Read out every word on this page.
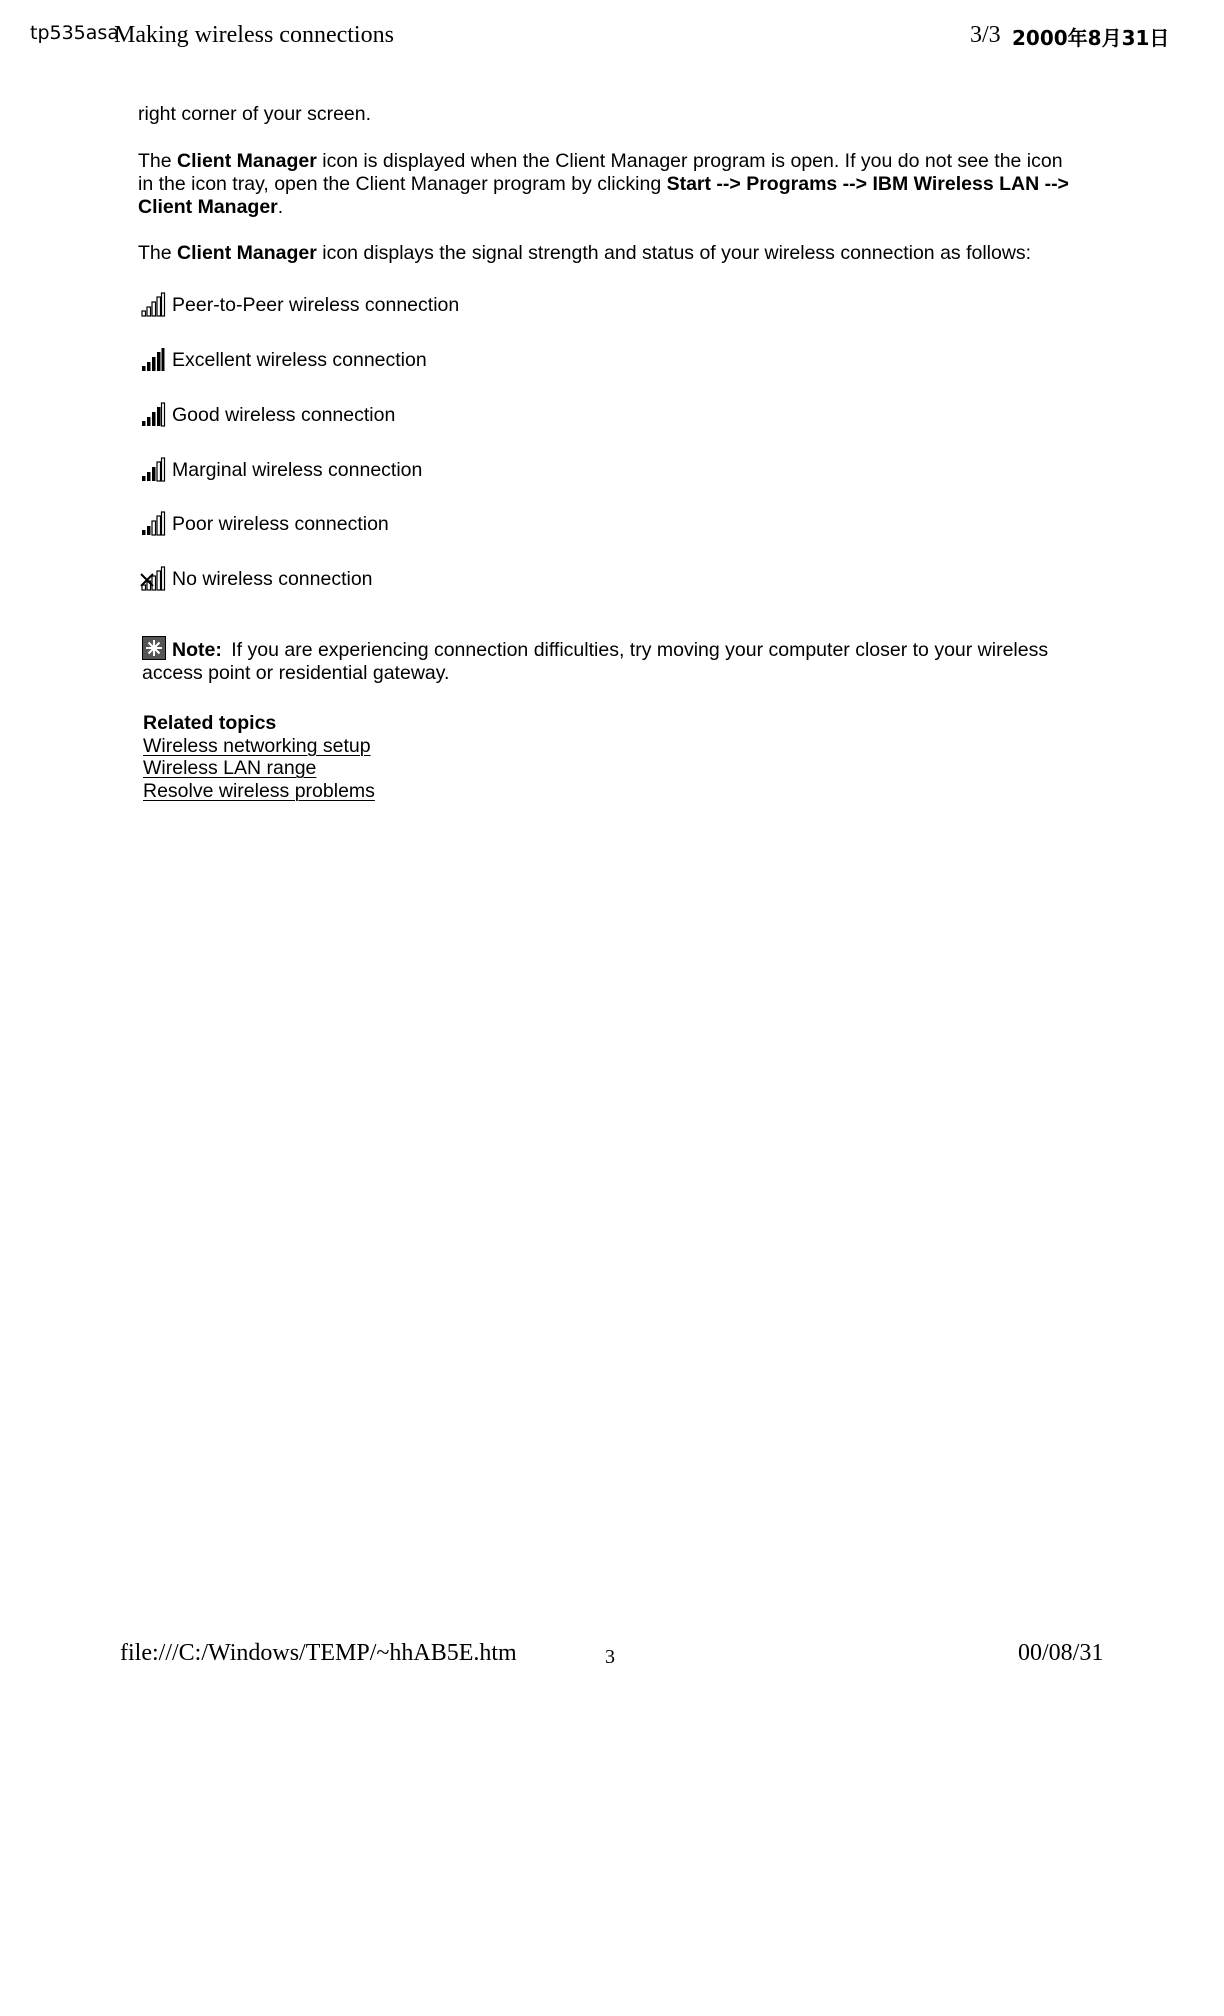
tp535asa
Making wireless connections	3/3 2000年8月31日
right corner of your screen.
The Client Manager icon is displayed when the Client Manager program is open. If you do not see the icon in the icon tray, open the Client Manager program by clicking Start --> Programs --> IBM Wireless LAN --> Client Manager.
The Client Manager icon displays the signal strength and status of your wireless connection as follows:
Peer-to-Peer wireless connection
Excellent wireless connection
Good wireless connection
Marginal wireless connection
Poor wireless connection
No wireless connection
Note: If you are experiencing connection difficulties, try moving your computer closer to your wireless access point or residential gateway.
Related topics
Wireless networking setup
Wireless LAN range
Resolve wireless problems
file:///C:/Windows/TEMP/~hhAB5E.htm	3	00/08/31
